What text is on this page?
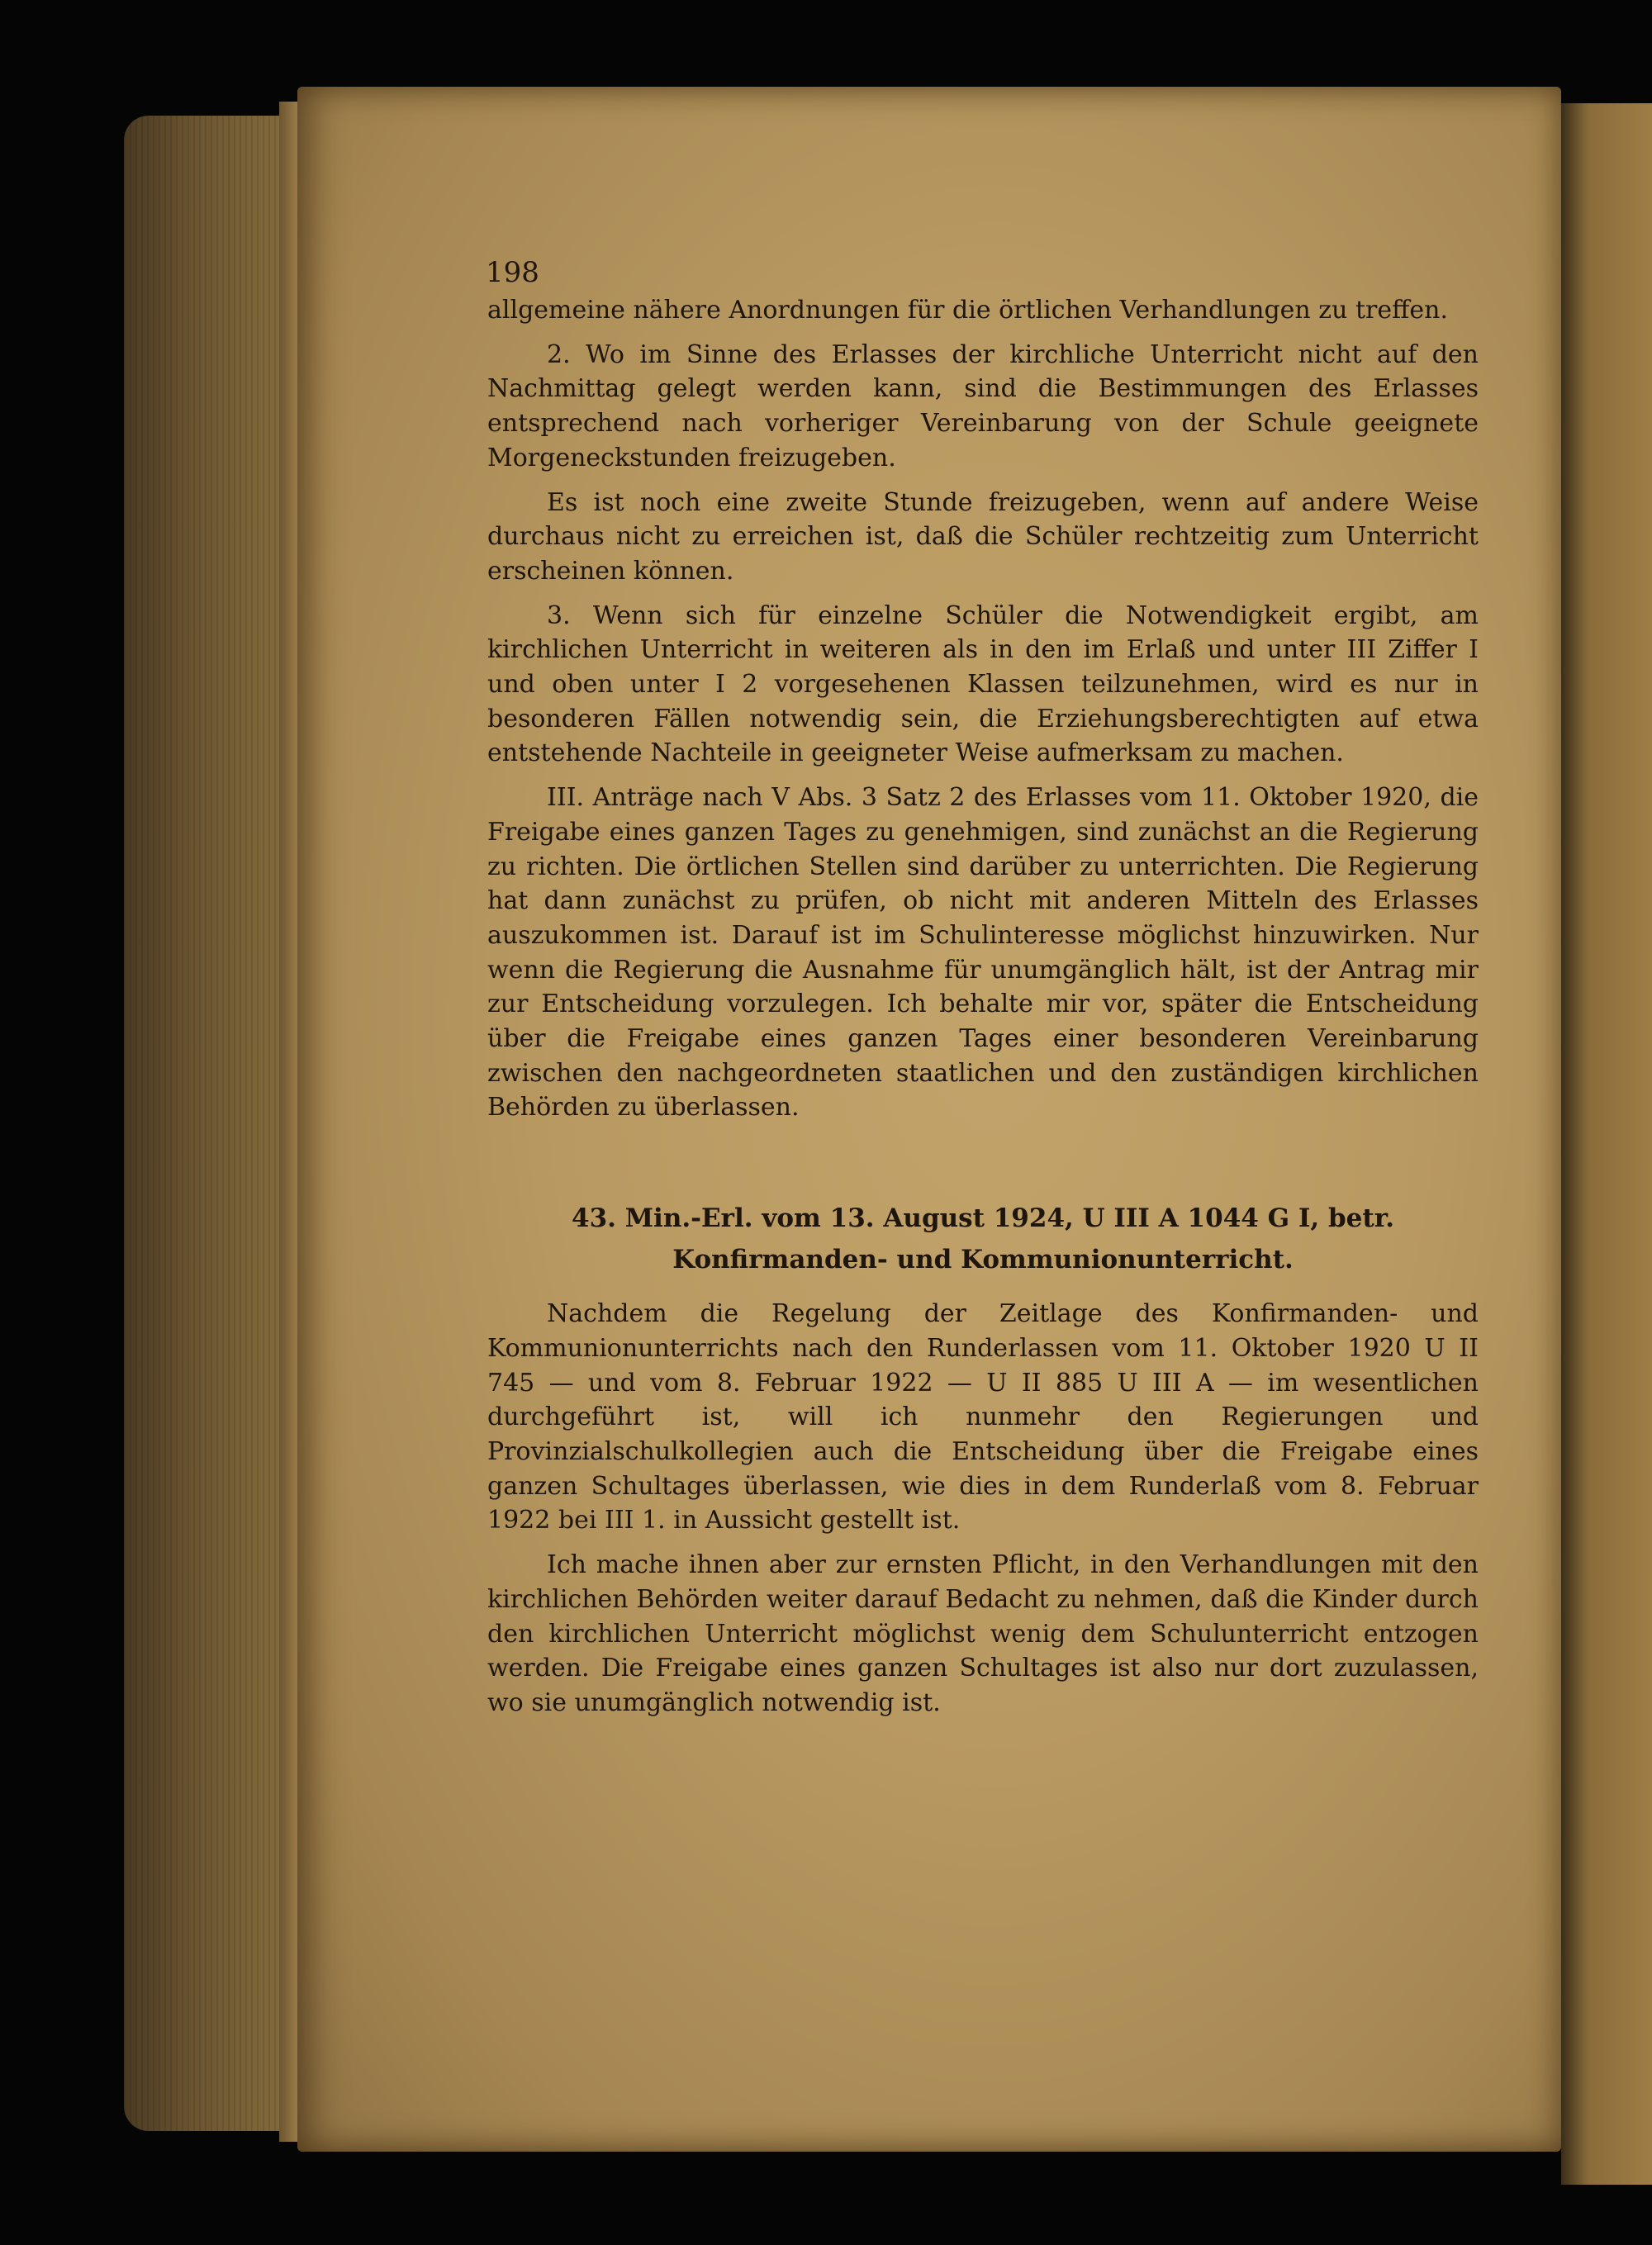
198

allgemeine nähere Anordnungen für die örtlichen Verhandlungen zu treffen.

2. Wo im Sinne des Erlasses der kirchliche Unterricht nicht auf den Nachmittag gelegt werden kann, sind die Bestimmungen des Erlasses entsprechend nach vorheriger Vereinbarung von der Schule geeignete Morgeneckstunden freizugeben.

Es ist noch eine zweite Stunde freizugeben, wenn auf andere Weise durchaus nicht zu erreichen ist, daß die Schüler rechtzeitig zum Unterricht erscheinen können.

3. Wenn sich für einzelne Schüler die Notwendigkeit ergibt, am kirchlichen Unterricht in weiteren als in den im Erlaß und unter III Ziffer I und oben unter I 2 vorgesehenen Klassen teilzunehmen, wird es nur in besonderen Fällen notwendig sein, die Erziehungsberechtigten auf etwa entstehende Nachteile in geeigneter Weise aufmerksam zu machen.

III. Anträge nach V Abs. 3 Satz 2 des Erlasses vom 11. Oktober 1920, die Freigabe eines ganzen Tages zu genehmigen, sind zunächst an die Regierung zu richten. Die örtlichen Stellen sind darüber zu unterrichten. Die Regierung hat dann zunächst zu prüfen, ob nicht mit anderen Mitteln des Erlasses auszukommen ist. Darauf ist im Schulinteresse möglichst hinzuwirken. Nur wenn die Regierung die Ausnahme für unumgänglich hält, ist der Antrag mir zur Entscheidung vorzulegen. Ich behalte mir vor, später die Entscheidung über die Freigabe eines ganzen Tages einer besonderen Vereinbarung zwischen den nachgeordneten staatlichen und den zuständigen kirchlichen Behörden zu überlassen.

43. Min.-Erl. vom 13. August 1924, U III A 1044 G I, betr.

Konfirmanden- und Kommunionunterricht.

Nachdem die Regelung der Zeitlage des Konfirmanden- und Kommunionunterrichts nach den Runderlassen vom 11. Oktober 1920 U II 745 — und vom 8. Februar 1922 — U II 885 U III A — im wesentlichen durchgeführt ist, will ich nunmehr den Regierungen und Provinzialschulkollegien auch die Entscheidung über die Freigabe eines ganzen Schultages überlassen, wie dies in dem Runderlaß vom 8. Februar 1922 bei III 1. in Aussicht gestellt ist.

Ich mache ihnen aber zur ernsten Pflicht, in den Verhandlungen mit den kirchlichen Behörden weiter darauf Bedacht zu nehmen, daß die Kinder durch den kirchlichen Unterricht möglichst wenig dem Schulunterricht entzogen werden. Die Freigabe eines ganzen Schultages ist also nur dort zuzulassen, wo sie unumgänglich notwendig ist.
